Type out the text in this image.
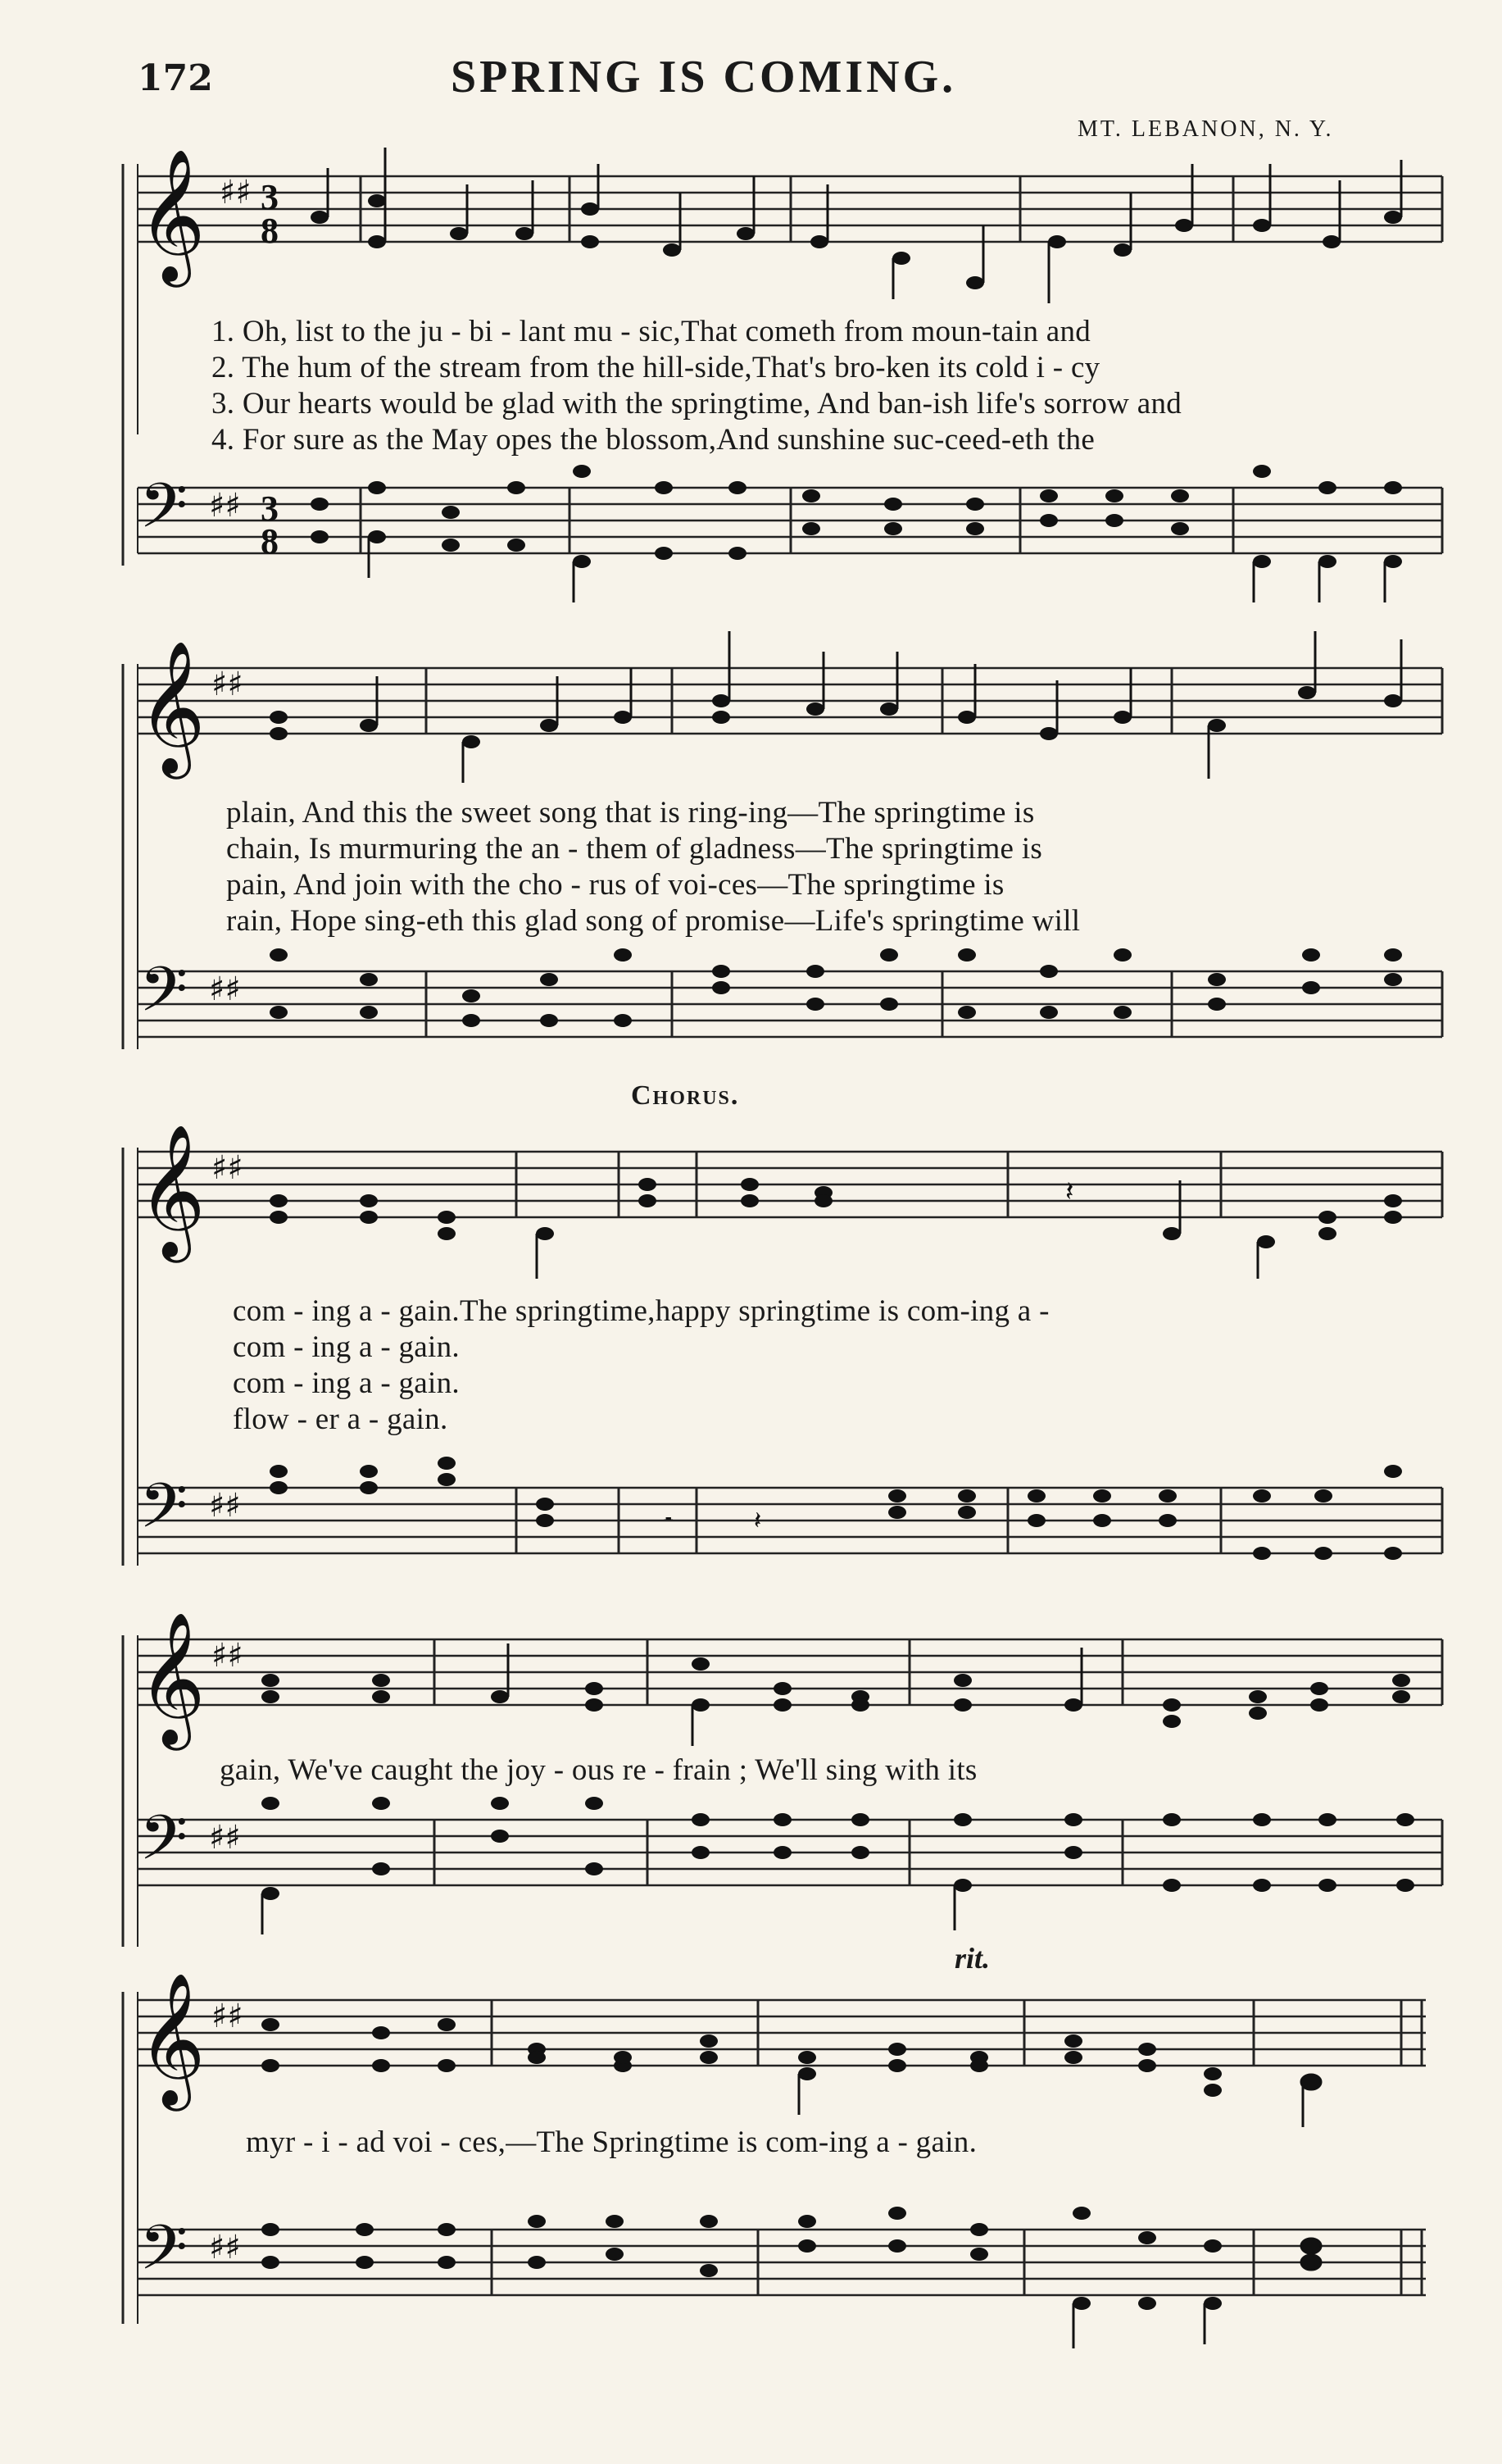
172	SPRING IS COMING.
MT. LEBANON, N. Y.
𝄞 ♯♯ 3
8
𝄢 ♯♯ 3
8
1. Oh, list to the ju - bi - lant mu - sic,That cometh from moun-tain and
2. The hum of the stream from the hill-side,That's bro-ken its cold i - cy
3. Our hearts would be glad with the springtime, And ban-ish life's sorrow and
4. For sure as the May opes the blossom,And sunshine suc-ceed-eth the
𝄞 ♯♯
𝄢 ♯♯
plain, And this the sweet song that is ring-ing—The springtime is
chain, Is murmuring the an - them of gladness—The springtime is
pain, And join with the cho - rus of voi-ces—The springtime is
rain, Hope sing-eth this glad song of promise—Life's springtime will
Chorus.
𝄞 ♯♯
𝄽
𝄢 ♯♯	𝄼	𝄽
com - ing a - gain.The springtime,happy springtime is com-ing a -
com - ing a - gain.
com - ing a - gain.
flow - er a - gain.
𝄞 ♯♯
𝄢 ♯♯
gain, We've caught the joy - ous re - frain ; We'll sing with its
rit.
𝄞 ♯♯
𝄢 ♯♯
myr - i - ad voi - ces,—The Springtime is com-ing a - gain.
